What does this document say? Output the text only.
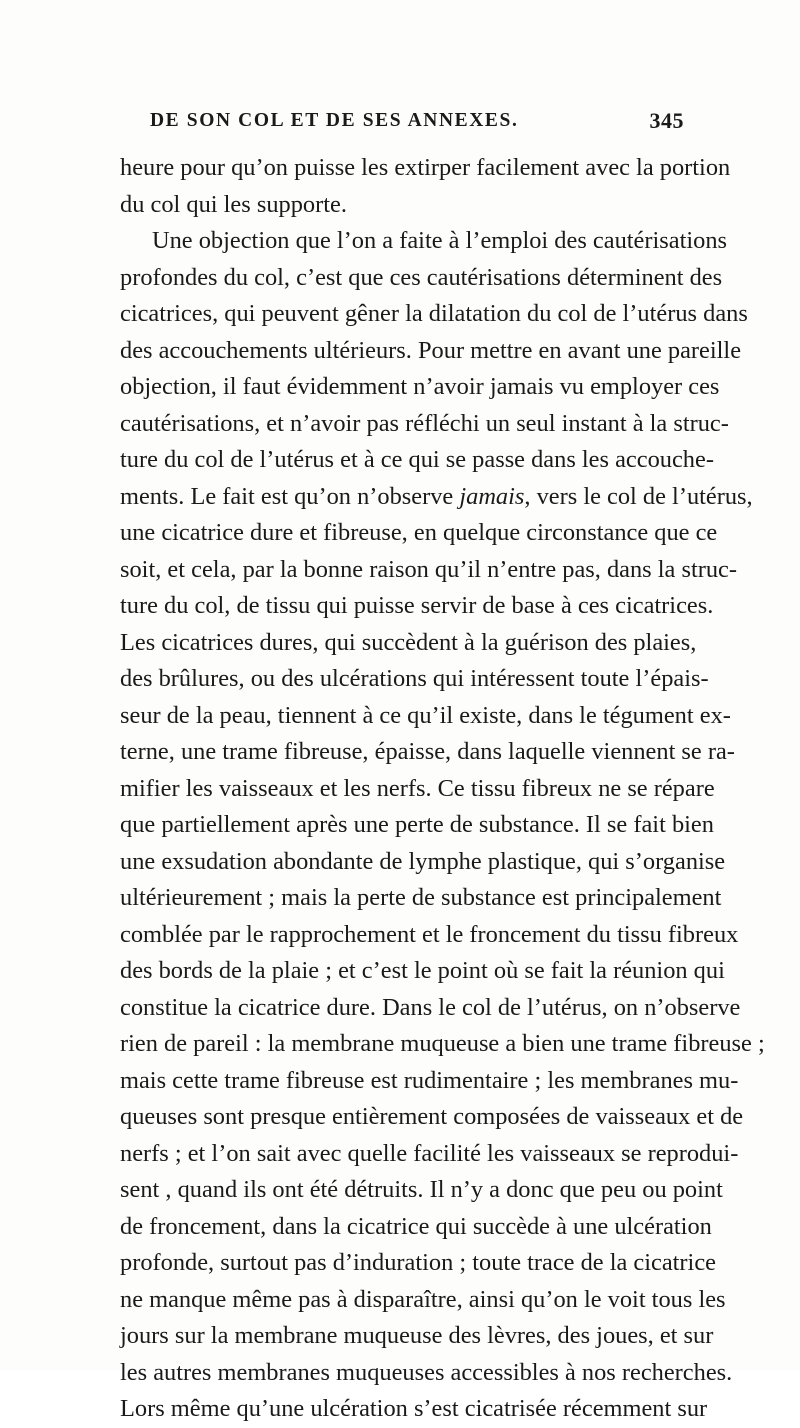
DE SON COL ET DE SES ANNEXES.	345
heure pour qu’on puisse les extirper facilement avec la portion
du col qui les supporte.
Une objection que l’on a faite à l’emploi des cautérisations
profondes du col, c’est que ces cautérisations déterminent des
cicatrices, qui peuvent gêner la dilatation du col de l’utérus dans
des accouchements ultérieurs. Pour mettre en avant une pareille
objection, il faut évidemment n’avoir jamais vu employer ces
cautérisations, et n’avoir pas réfléchi un seul instant à la struc-
ture du col de l’utérus et à ce qui se passe dans les accouche-
ments. Le fait est qu’on n’observe jamais, vers le col de l’utérus,
une cicatrice dure et fibreuse, en quelque circonstance que ce
soit, et cela, par la bonne raison qu’il n’entre pas, dans la struc-
ture du col, de tissu qui puisse servir de base à ces cicatrices.
Les cicatrices dures, qui succèdent à la guérison des plaies,
des brûlures, ou des ulcérations qui intéressent toute l’épais-
seur de la peau, tiennent à ce qu’il existe, dans le tégument ex-
terne, une trame fibreuse, épaisse, dans laquelle viennent se ra-
mifier les vaisseaux et les nerfs. Ce tissu fibreux ne se répare
que partiellement après une perte de substance. Il se fait bien
une exsudation abondante de lymphe plastique, qui s’organise
ultérieurement ; mais la perte de substance est principalement
comblée par le rapprochement et le froncement du tissu fibreux
des bords de la plaie ; et c’est le point où se fait la réunion qui
constitue la cicatrice dure. Dans le col de l’utérus, on n’observe
rien de pareil : la membrane muqueuse a bien une trame fibreuse ;
mais cette trame fibreuse est rudimentaire ; les membranes mu-
queuses sont presque entièrement composées de vaisseaux et de
nerfs ; et l’on sait avec quelle facilité les vaisseaux se reprodui-
sent , quand ils ont été détruits. Il n’y a donc que peu ou point
de froncement, dans la cicatrice qui succède à une ulcération
profonde, surtout pas d’induration ; toute trace de la cicatrice
ne manque même pas à disparaître, ainsi qu’on le voit tous les
jours sur la membrane muqueuse des lèvres, des joues, et sur
les autres membranes muqueuses accessibles à nos recherches.
Lors même qu’une ulcération s’est cicatrisée récemment sur
